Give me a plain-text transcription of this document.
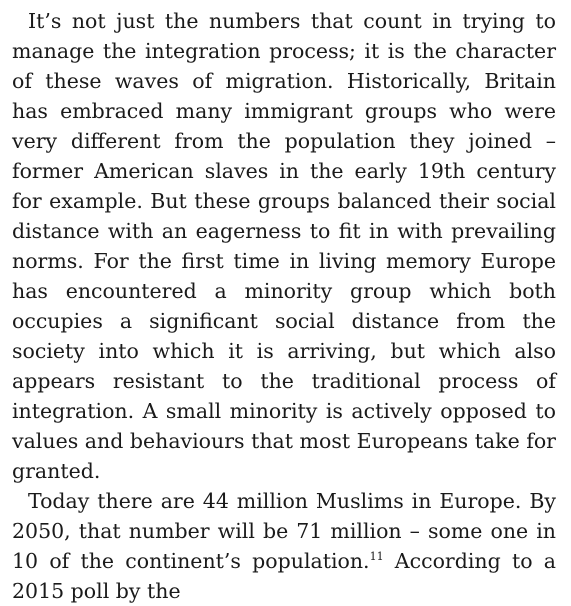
It’s not just the numbers that count in trying to manage the integration process; it is the character of these waves of migration. Historically, Britain has embraced many immigrant groups who were very different from the population they joined – former American slaves in the early 19th century for example. But these groups balanced their social distance with an eagerness to fit in with prevailing norms. For the first time in living memory Europe has encountered a minority group which both occupies a significant social distance from the society into which it is arriving, but which also appears resistant to the traditional process of integration. A small minority is actively opposed to values and behaviours that most Europeans take for granted.

Today there are 44 million Muslims in Europe. By 2050, that number will be 71 million – some one in 10 of the continent’s population.$^{11}$ According to a 2015 poll by the
